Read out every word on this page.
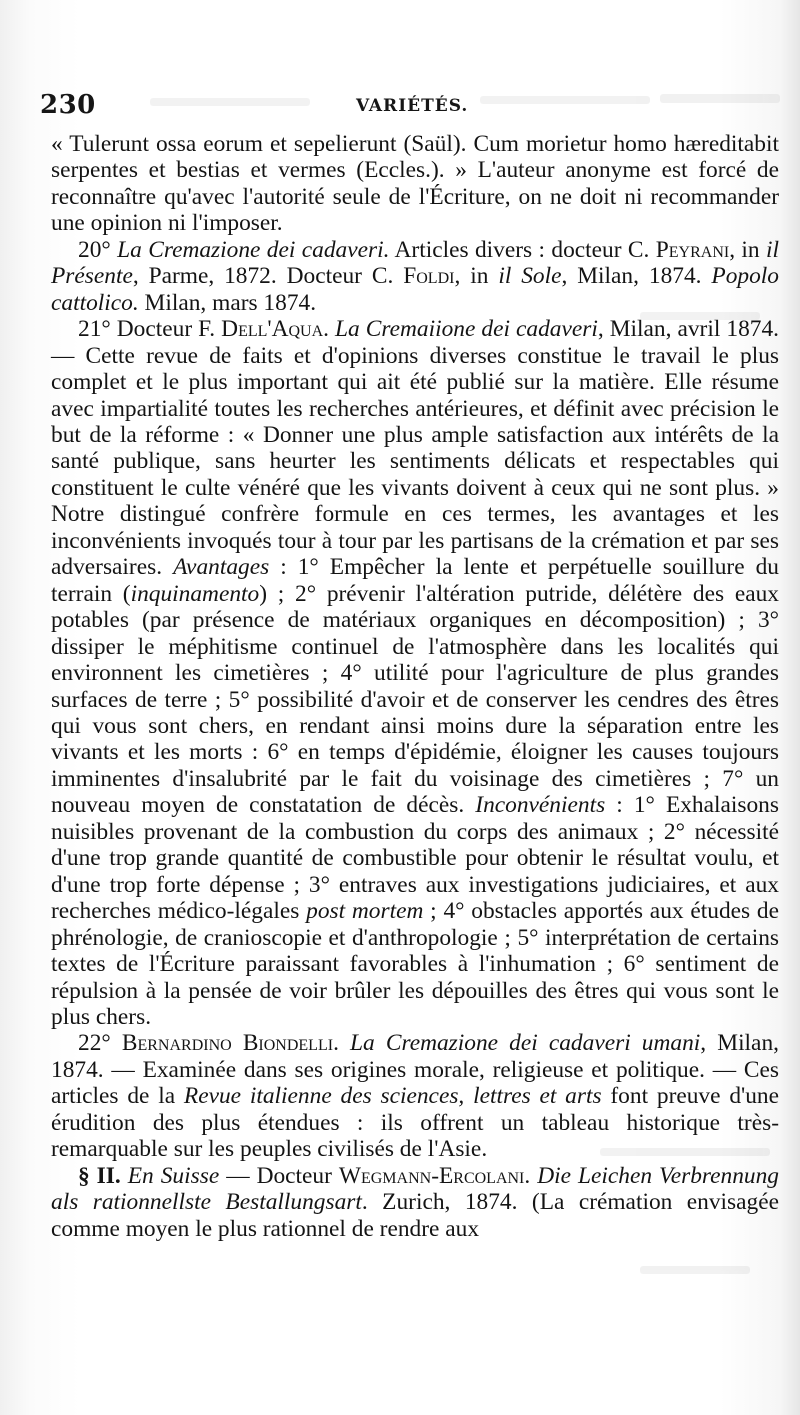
230	VARIÉTÉS.

« Tulerunt ossa eorum et sepelierunt (Saül). Cum morietur homo hæreditabit serpentes et bestias et vermes (Eccles.). » L'auteur anonyme est forcé de reconnaître qu'avec l'autorité seule de l'Écriture, on ne doit ni recommander une opinion ni l'imposer.

20° La Cremazione dei cadaveri. Articles divers : docteur C. Peyrani, in il Présente, Parme, 1872. Docteur C. Foldi, in il Sole, Milan, 1874. Popolo cattolico. Milan, mars 1874.

21° Docteur F. Dell'Aqua. La Cremaiione dei cadaveri, Milan, avril 1874. — Cette revue de faits et d'opinions diverses constitue le travail le plus complet et le plus important qui ait été publié sur la matière. Elle résume avec impartialité toutes les recherches antérieures, et définit avec précision le but de la réforme : « Donner une plus ample satisfaction aux intérêts de la santé publique, sans heurter les sentiments délicats et respectables qui constituent le culte vénéré que les vivants doivent à ceux qui ne sont plus. » Notre distingué confrère formule en ces termes, les avantages et les inconvénients invoqués tour à tour par les partisans de la crémation et par ses adversaires. Avantages : 1° Empêcher la lente et perpétuelle souillure du terrain (inquinamento) ; 2° prévenir l'altération putride, délétère des eaux potables (par présence de matériaux organiques en décomposition) ; 3° dissiper le méphitisme continuel de l'atmosphère dans les localités qui environnent les cimetières ; 4° utilité pour l'agriculture de plus grandes surfaces de terre ; 5° possibilité d'avoir et de conserver les cendres des êtres qui vous sont chers, en rendant ainsi moins dure la séparation entre les vivants et les morts : 6° en temps d'épidémie, éloigner les causes toujours imminentes d'insalubrité par le fait du voisinage des cimetières ; 7° un nouveau moyen de constatation de décès. Inconvénients : 1° Exhalaisons nuisibles provenant de la combustion du corps des animaux ; 2° nécessité d'une trop grande quantité de combustible pour obtenir le résultat voulu, et d'une trop forte dépense ; 3° entraves aux investigations judiciaires, et aux recherches médico-légales post mortem ; 4° obstacles apportés aux études de phrénologie, de cranioscopie et d'anthropologie ; 5° interprétation de certains textes de l'Écriture paraissant favorables à l'inhumation ; 6° sentiment de répulsion à la pensée de voir brûler les dépouilles des êtres qui vous sont le plus chers.

22° Bernardino Biondelli. La Cremazione dei cadaveri umani, Milan, 1874. — Examinée dans ses origines morale, religieuse et politique. — Ces articles de la Revue italienne des sciences, lettres et arts font preuve d'une érudition des plus étendues : ils offrent un tableau historique très-remarquable sur les peuples civilisés de l'Asie.

§ II. En Suisse — Docteur Wegmann-Ercolani. Die Leichen Verbrennung als rationnellste Bestallungsart. Zurich, 1874. (La crémation envisagée comme moyen le plus rationnel de rendre aux
